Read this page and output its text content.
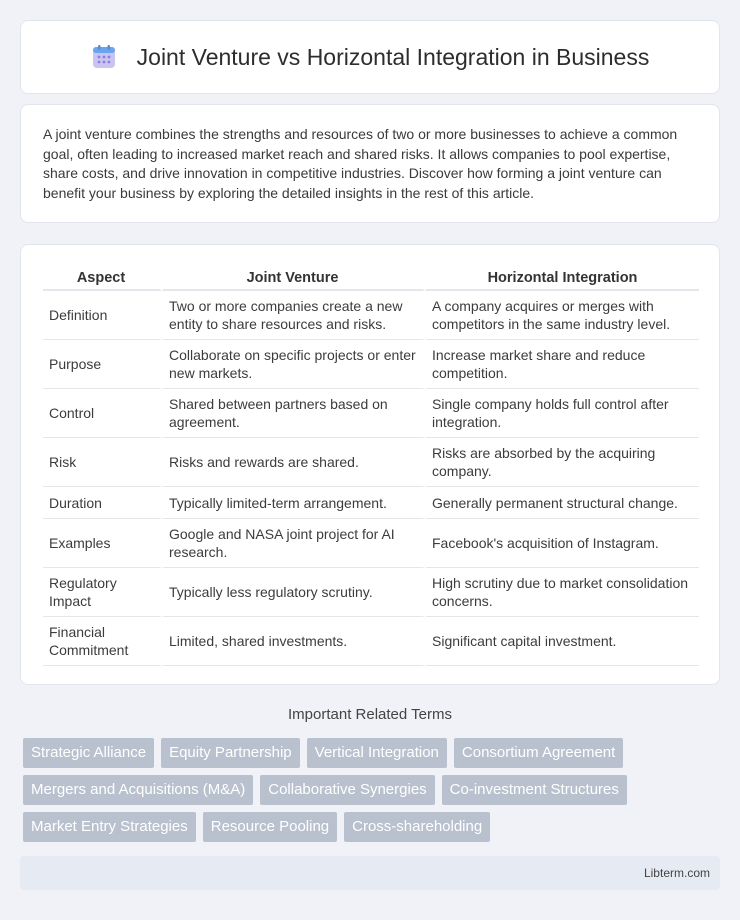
Joint Venture vs Horizontal Integration in Business

A joint venture combines the strengths and resources of two or more businesses to achieve a common goal, often leading to increased market reach and shared risks. It allows companies to pool expertise, share costs, and drive innovation in competitive industries. Discover how forming a joint venture can benefit your business by exploring the detailed insights in the rest of this article.

Aspect	Joint Venture	Horizontal Integration
Definition	Two or more companies create a new entity to share resources and risks.	A company acquires or merges with competitors in the same industry level.
Purpose	Collaborate on specific projects or enter new markets.	Increase market share and reduce competition.
Control	Shared between partners based on agreement.	Single company holds full control after integration.
Risk	Risks and rewards are shared.	Risks are absorbed by the acquiring company.
Duration	Typically limited-term arrangement.	Generally permanent structural change.
Examples	Google and NASA joint project for AI research.	Facebook's acquisition of Instagram.
Regulatory Impact	Typically less regulatory scrutiny.	High scrutiny due to market consolidation concerns.
Financial Commitment	Limited, shared investments.	Significant capital investment.
Important Related Terms
Strategic Alliance	Equity Partnership	Vertical Integration	Consortium Agreement
Mergers and Acquisitions (M&A)	Collaborative Synergies	Co-investment Structures
Market Entry Strategies	Resource Pooling	Cross-shareholding
Libterm.com
